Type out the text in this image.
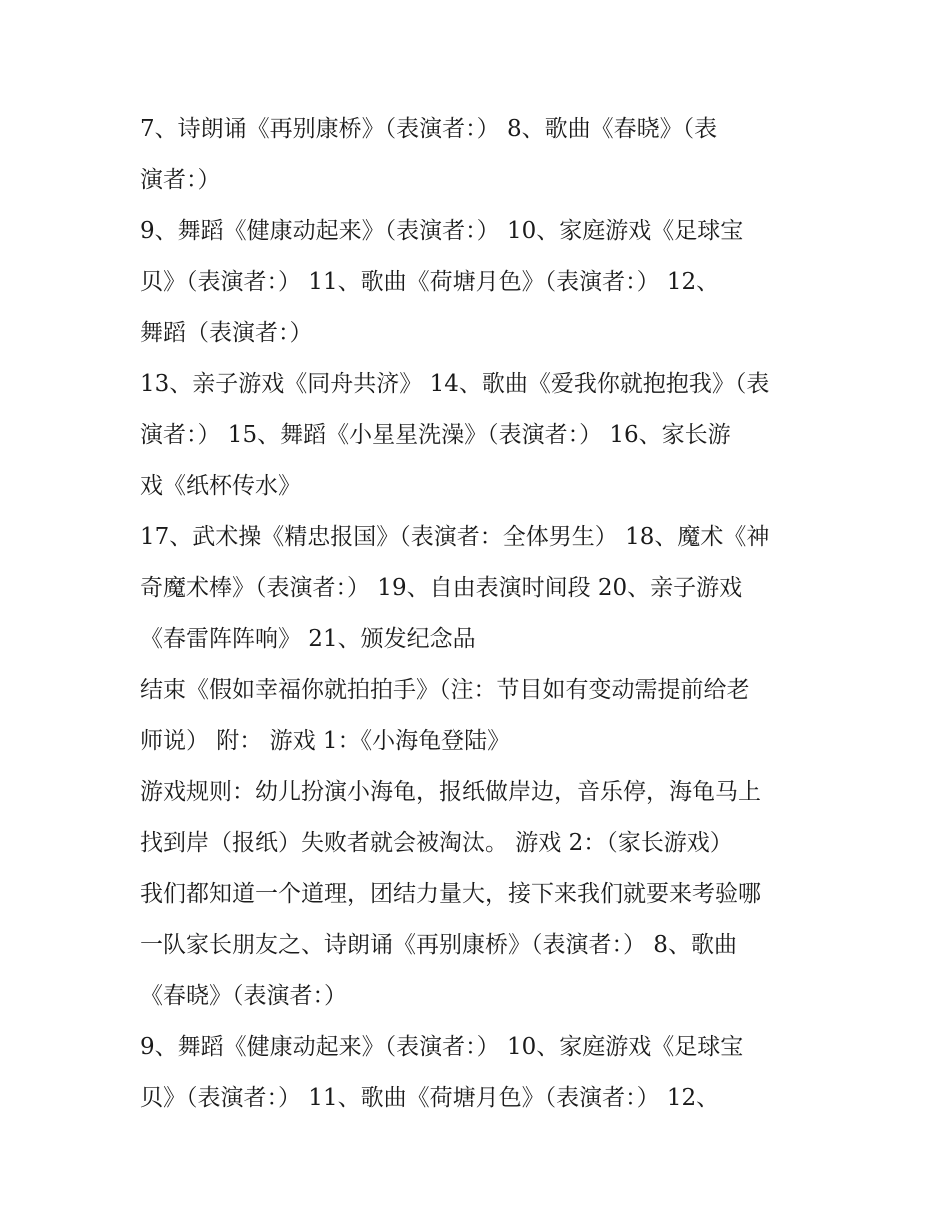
7、诗朗诵《再别康桥》（表演者：） 8、歌曲《春晓》（表
演者：）
9、舞蹈《健康动起来》（表演者：） 10、家庭游戏《足球宝
贝》（表演者：） 11、歌曲《荷塘月色》（表演者：） 12、
舞蹈（表演者：）
13、亲子游戏《同舟共济》 14、歌曲《爱我你就抱抱我》（表
演者：） 15、舞蹈《小星星洗澡》（表演者：） 16、家长游
戏《纸杯传水》
17、武术操《精忠报国》（表演者：全体男生） 18、魔术《神
奇魔术棒》（表演者：） 19、自由表演时间段 20、亲子游戏
《春雷阵阵响》 21、颁发纪念品
结束《假如幸福你就拍拍手》（注：节目如有变动需提前给老
师说） 附： 游戏 1：《小海龟登陆》
游戏规则：幼儿扮演小海龟，报纸做岸边，音乐停，海龟马上
找到岸（报纸）失败者就会被淘汰。 游戏 2：（家长游戏）
我们都知道一个道理，团结力量大，接下来我们就要来考验哪
一队家长朋友之、诗朗诵《再别康桥》（表演者：） 8、歌曲
《春晓》（表演者：）
9、舞蹈《健康动起来》（表演者：） 10、家庭游戏《足球宝
贝》（表演者：） 11、歌曲《荷塘月色》（表演者：） 12、
